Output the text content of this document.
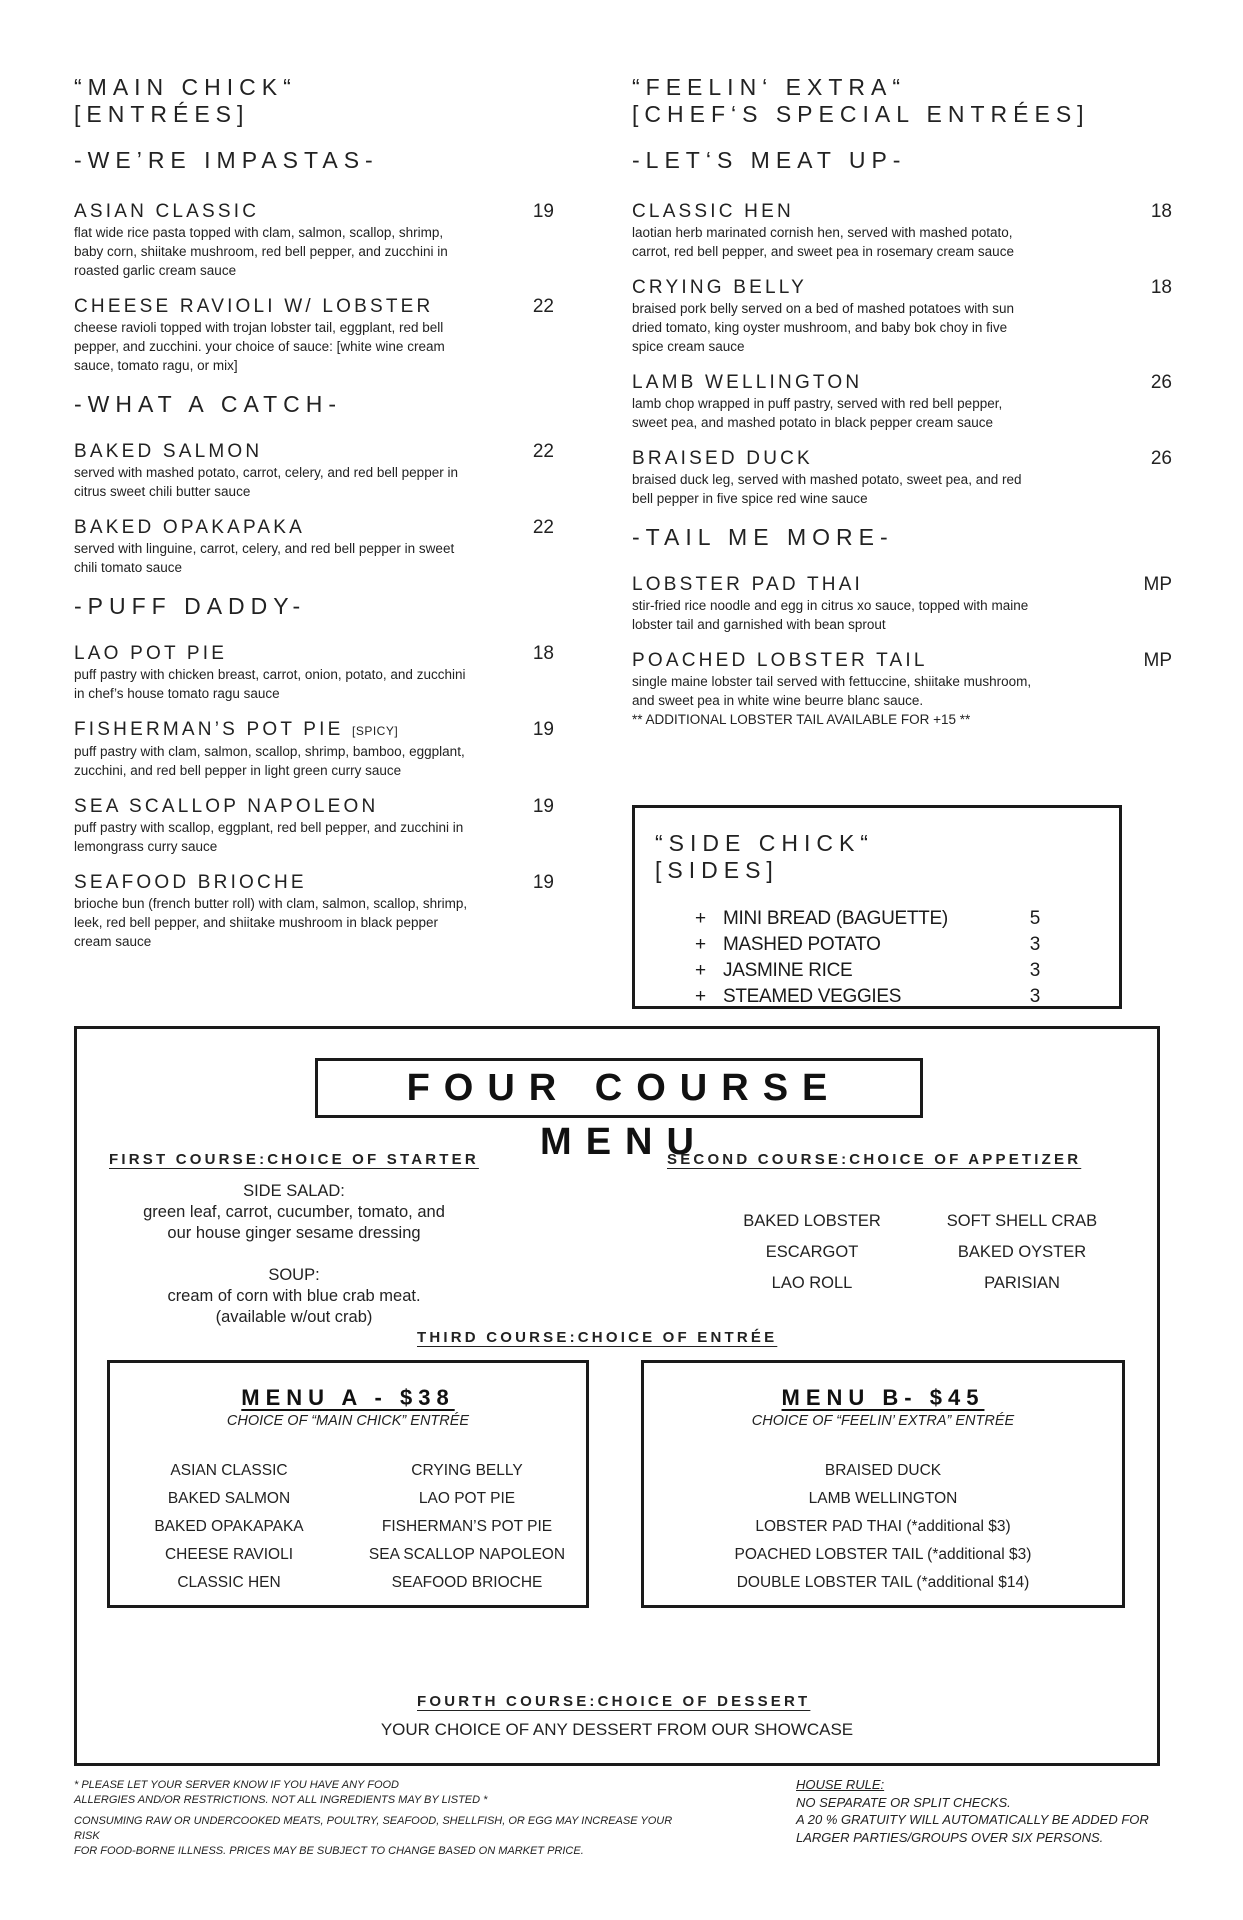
“MAIN CHICK“
[ENTRÉES]
-WE’RE IMPASTAS-
ASIAN CLASSIC	19
flat wide rice pasta topped with clam, salmon, scallop, shrimp, baby corn, shiitake mushroom, red bell pepper, and zucchini in roasted garlic cream sauce
CHEESE RAVIOLI W/ LOBSTER	22
cheese ravioli topped with trojan lobster tail, eggplant, red bell pepper, and zucchini. your choice of sauce: [white wine cream sauce, tomato ragu, or mix]
-WHAT A CATCH-
BAKED SALMON	22
served with mashed potato, carrot, celery, and red bell pepper in citrus sweet chili butter sauce
BAKED OPAKAPAKA	22
served with linguine, carrot, celery, and red bell pepper in sweet chili tomato sauce
-PUFF DADDY-
LAO POT PIE	18
puff pastry with chicken breast, carrot, onion, potato, and zucchini in chef’s house tomato ragu sauce
FISHERMAN’S POT PIE [SPICY]	19
puff pastry with clam, salmon, scallop, shrimp, bamboo, eggplant, zucchini, and red bell pepper in light green curry sauce
SEA SCALLOP NAPOLEON	19
puff pastry with scallop, eggplant, red bell pepper, and zucchini in lemongrass curry sauce
SEAFOOD BRIOCHE	19
brioche bun (french butter roll) with clam, salmon, scallop, shrimp, leek, red bell pepper, and shiitake mushroom in black pepper cream sauce
“FEELIN‘ EXTRA“
[CHEF‘S SPECIAL ENTRÉES]
-LET‘S MEAT UP-
CLASSIC HEN	18
laotian herb marinated cornish hen, served with mashed potato, carrot, red bell pepper, and sweet pea in rosemary cream sauce
CRYING BELLY	18
braised pork belly served on a bed of mashed potatoes with sun dried tomato, king oyster mushroom, and baby bok choy in five spice cream sauce
LAMB WELLINGTON	26
lamb chop wrapped in puff pastry, served with red bell pepper, sweet pea, and mashed potato in black pepper cream sauce
BRAISED DUCK	26
braised duck leg, served with mashed potato, sweet pea, and red bell pepper in five spice red wine sauce
-TAIL ME MORE-
LOBSTER PAD THAI	MP
stir-fried rice noodle and egg in citrus xo sauce, topped with maine lobster tail and garnished with bean sprout
POACHED LOBSTER TAIL	MP
single maine lobster tail served with fettuccine, shiitake mushroom, and sweet pea in white wine beurre blanc sauce.
** ADDITIONAL LOBSTER TAIL AVAILABLE FOR +15 **
“SIDE CHICK“
[SIDES]
+ MINI BREAD (BAGUETTE)	5
+ MASHED POTATO	3
+ JASMINE RICE	3
+ STEAMED VEGGIES	3
FOUR COURSE MENU
FIRST COURSE:CHOICE OF STARTER
SIDE SALAD:
green leaf, carrot, cucumber, tomato, and
our house ginger sesame dressing
SOUP:
cream of corn with blue crab meat.
(available w/out crab)
SECOND COURSE:CHOICE OF APPETIZER
BAKED LOBSTER	SOFT SHELL CRAB
ESCARGOT	BAKED OYSTER
LAO ROLL	PARISIAN
THIRD COURSE:CHOICE OF ENTRÉE
MENU A - $38
CHOICE OF “MAIN CHICK” ENTRÉE
ASIAN CLASSIC	CRYING BELLY
BAKED SALMON	LAO POT PIE
BAKED OPAKAPAKA	FISHERMAN’S POT PIE
CHEESE RAVIOLI	SEA SCALLOP NAPOLEON
CLASSIC HEN	SEAFOOD BRIOCHE
MENU B- $45
CHOICE OF “FEELIN’ EXTRA” ENTRÉE
BRAISED DUCK
LAMB WELLINGTON
LOBSTER PAD THAI (*additional $3)
POACHED LOBSTER TAIL (*additional $3)
DOUBLE LOBSTER TAIL (*additional $14)
FOURTH COURSE:CHOICE OF DESSERT
YOUR CHOICE OF ANY DESSERT FROM OUR SHOWCASE
* PLEASE LET YOUR SERVER KNOW IF YOU HAVE ANY FOOD
ALLERGIES AND/OR RESTRICTIONS. NOT ALL INGREDIENTS MAY BY LISTED *
CONSUMING RAW OR UNDERCOOKED MEATS, POULTRY, SEAFOOD, SHELLFISH, OR EGG MAY INCREASE YOUR RISK
FOR FOOD-BORNE ILLNESS. PRICES MAY BE SUBJECT TO CHANGE BASED ON MARKET PRICE.
HOUSE RULE:
NO SEPARATE OR SPLIT CHECKS.
A 20 % GRATUITY WILL AUTOMATICALLY BE ADDED FOR
LARGER PARTIES/GROUPS OVER SIX PERSONS.
